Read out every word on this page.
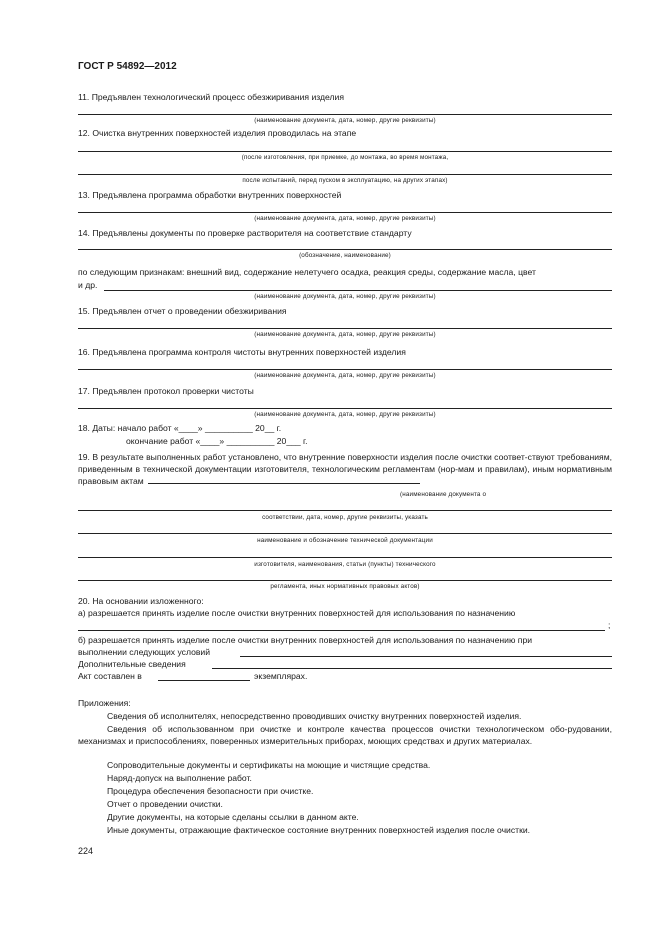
ГОСТ Р 54892—2012
11. Предъявлен технологический процесс обезжиривания изделия
(наименование документа, дата, номер, другие реквизиты)
12. Очистка внутренних поверхностей изделия проводилась на этапе
(после изготовления, при приемке, до монтажа, во время монтажа,
после испытаний, перед пуском в эксплуатацию, на других этапах)
13. Предъявлена программа обработки внутренних поверхностей
(наименование документа, дата, номер, другие реквизиты)
14. Предъявлены документы по проверке растворителя на соответствие стандарту
(обозначение, наименование)
по следующим признакам: внешний вид, содержание нелетучего осадка, реакция среды, содержание масла, цвет
и др.
(наименование документа, дата, номер, другие реквизиты)
15. Предъявлен отчет о проведении обезжиривания
(наименование документа, дата, номер, другие реквизиты)
16. Предъявлена программа контроля чистоты внутренних поверхностей изделия
(наименование документа, дата, номер, другие реквизиты)
17. Предъявлен протокол проверки чистоты
(наименование документа, дата, номер, другие реквизиты)
18. Даты: начало работ «____» __________ 20__ г.
окончание работ «____» __________ 20___ г.
19. В результате выполненных работ установлено, что внутренние поверхности изделия после очистки соответ-ствуют требованиям, приведенным в технической документации изготовителя, технологическим регламентам (нор-мам и правилам), иным нормативным правовым актам
(наименование документа о
соответствии, дата, номер, другие реквизиты, указать
наименование и обозначение технической документации
изготовителя, наименования, статьи (пункты) технического
регламента, иных нормативных правовых актов)
20. На основании изложенного:
а) разрешается принять изделие после очистки внутренних поверхностей для использования по назначению
;
б) разрешается принять изделие после очистки внутренних поверхностей для использования по назначению при
выполнении следующих условий
Дополнительные сведения
Акт составлен в	экземплярах.
Приложения:
Сведения об исполнителях, непосредственно проводивших очистку внутренних поверхностей изделия.
Сведения об использованном при очистке и контроле качества процессов очистки технологическом обо-рудовании, механизмах и приспособлениях, поверенных измерительных приборах, моющих средствах и других материалах.
Сопроводительные документы и сертификаты на моющие и чистящие средства.
Наряд-допуск на выполнение работ.
Процедура обеспечения безопасности при очистке.
Отчет о проведении очистки.
Другие документы, на которые сделаны ссылки в данном акте.
Иные документы, отражающие фактическое состояние внутренних поверхностей изделия после очистки.
224
